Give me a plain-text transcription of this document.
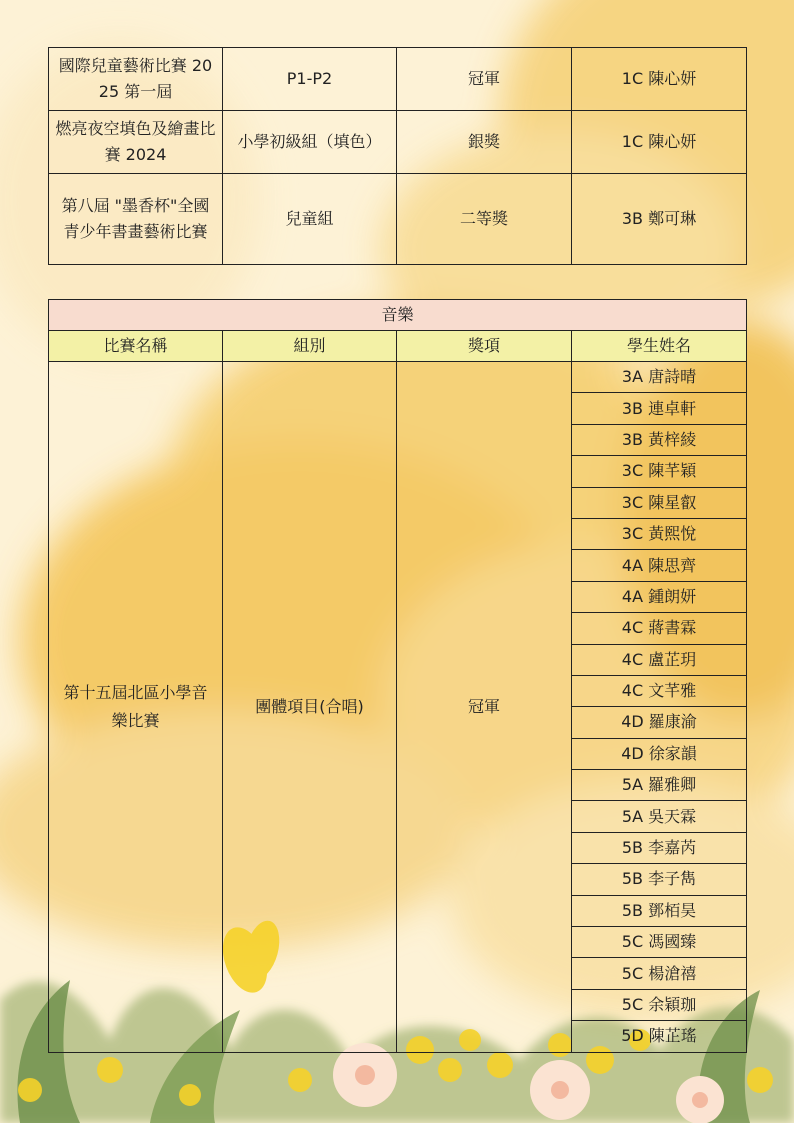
國際兒童藝術比賽 2025 第一屆	P1-P2	冠軍	1C 陳心妍
燃亮夜空填色及繪畫比賽 2024	小學初級組（填色）	銀獎	1C 陳心妍
第八屆 "墨香杯"全國青少年書畫藝術比賽	兒童組	二等獎	3B 鄭可琳
音樂			
比賽名稱	組別	獎項	學生姓名

第十五屆北區小學音樂比賽	團體項目(合唱)	冠軍	3A 唐詩晴
			3B 連卓軒
			3B 黃梓綾
			3C 陳芊穎
			3C 陳星叡
			3C 黃熙悅
			4A 陳思齊
			4A 鍾朗妍
			4C 蔣書霖
			4C 盧芷玥
			4C 文芊雅
			4D 羅康渝
			4D 徐家韻
			5A 羅雅卿
			5A 吳天霖
			5B 李嘉芮
			5B 李子雋
			5B 鄧栢昊
			5C 馮國臻
			5C 楊滄禧
			5C 余穎珈
			5D 陳芷瑤
